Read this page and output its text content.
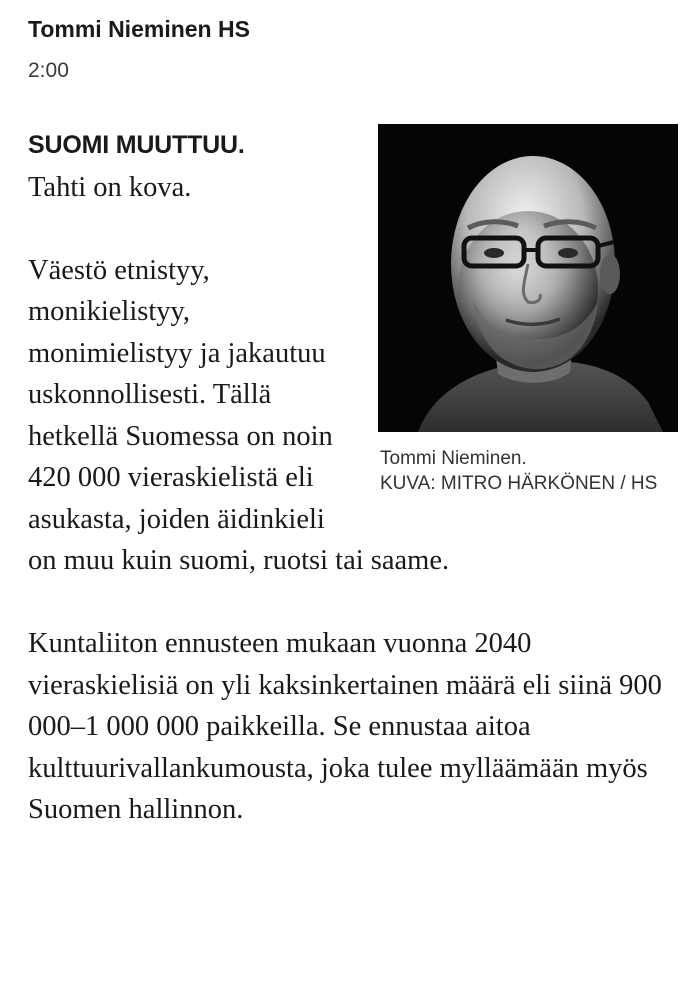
Tommi Nieminen HS
2:00
Tommi Nieminen.
KUVA: MITRO HÄRKÖNEN / HS

SUOMI MUUTTUU.
Tahti on kova.

Väestö etnistyy, monikielistyy, monimielistyy ja jakautuu uskonnollisesti. Tällä hetkellä Suomessa on noin 420 000 vieraskielistä eli asukasta, joiden äidinkieli on muu kuin suomi, ruotsi tai saame.

Kuntaliiton ennusteen mukaan vuonna 2040 vieraskielisiä on yli kaksinkertainen määrä eli siinä 900 000–1 000 000 paikkeilla. Se ennustaa aitoa kulttuurivallankumousta, joka tulee mylläämään myös Suomen hallinnon.
